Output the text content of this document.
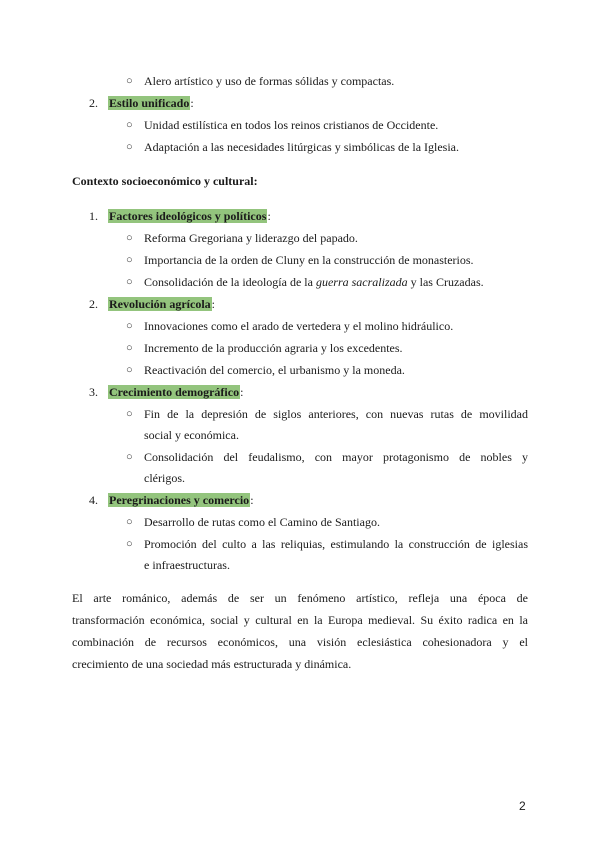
○ Alero artístico y uso de formas sólidas y compactas.
2. Estilo unificado:
○ Unidad estilística en todos los reinos cristianos de Occidente.
○ Adaptación a las necesidades litúrgicas y simbólicas de la Iglesia.
Contexto socioeconómico y cultural:
1. Factores ideológicos y políticos:
○ Reforma Gregoriana y liderazgo del papado.
○ Importancia de la orden de Cluny en la construcción de monasterios.
○ Consolidación de la ideología de la guerra sacralizada y las Cruzadas.
2. Revolución agrícola:
○ Innovaciones como el arado de vertedera y el molino hidráulico.
○ Incremento de la producción agraria y los excedentes.
○ Reactivación del comercio, el urbanismo y la moneda.
3. Crecimiento demográfico:
○ Fin de la depresión de siglos anteriores, con nuevas rutas de movilidad
social y económica.
○ Consolidación del feudalismo, con mayor protagonismo de nobles y
clérigos.
4. Peregrinaciones y comercio:
○ Desarrollo de rutas como el Camino de Santiago.
○ Promoción del culto a las reliquias, estimulando la construcción de iglesias
e infraestructuras.
El arte románico, además de ser un fenómeno artístico, refleja una época de
transformación económica, social y cultural en la Europa medieval. Su éxito radica en la
combinación de recursos económicos, una visión eclesiástica cohesionadora y el
crecimiento de una sociedad más estructurada y dinámica.
2
